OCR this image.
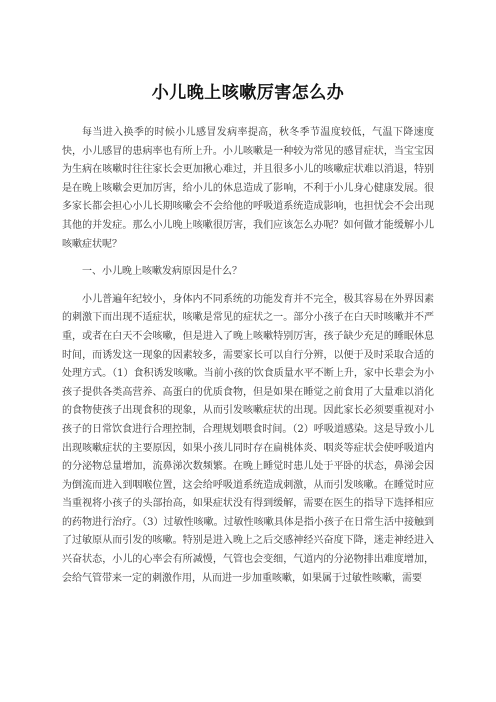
小儿晚上咳嗽厉害怎么办

每当进入换季的时候小儿感冒发病率提高，秋冬季节温度较低，气温下降速度快，小儿感冒的患病率也有所上升。小儿咳嗽是一种较为常见的感冒症状，当宝宝因为生病在咳嗽时往往家长会更加揪心难过，并且很多小儿的咳嗽症状难以消退，特别是在晚上咳嗽会更加厉害，给小儿的休息造成了影响，不利于小儿身心健康发展。很多家长都会担心小儿长期咳嗽会不会给他的呼吸道系统造成影响，也担忧会不会出现其他的并发症。那么小儿晚上咳嗽很厉害，我们应该怎么办呢？如何做才能缓解小儿咳嗽症状呢？

一、小儿晚上咳嗽发病原因是什么？

小儿普遍年纪较小，身体内不同系统的功能发育并不完全，极其容易在外界因素的刺激下而出现不适症状，咳嗽是常见的症状之一。部分小孩子在白天时咳嗽并不严重，或者在白天不会咳嗽，但是进入了晚上咳嗽特别厉害，孩子缺少充足的睡眠休息时间，而诱发这一现象的因素较多，需要家长可以自行分辨，以便于及时采取合适的处理方式。（1）食积诱发咳嗽。当前小孩的饮食质量水平不断上升，家中长辈会为小孩子提供各类高营养、高蛋白的优质食物，但是如果在睡觉之前食用了大量难以消化的食物使孩子出现食积的现象，从而引发咳嗽症状的出现。因此家长必须要重视对小孩子的日常饮食进行合理控制，合理规划喂食时间。（2）呼吸道感染。这是导致小儿出现咳嗽症状的主要原因，如果小孩儿同时存在扁桃体炎、咽炎等症状会使呼吸道内的分泌物总量增加，流鼻涕次数频繁。在晚上睡觉时患儿处于平卧的状态，鼻涕会因为倒流而进入到咽喉位置，这会给呼吸道系统造成刺激，从而引发咳嗽。在睡觉时应当重视将小孩子的头部抬高，如果症状没有得到缓解，需要在医生的指导下选择相应的药物进行治疗。（3）过敏性咳嗽。过敏性咳嗽具体是指小孩子在日常生活中接触到了过敏原从而引发的咳嗽。特别是进入晚上之后交感神经兴奋度下降，迷走神经进入兴奋状态，小儿的心率会有所减慢，气管也会变细，气道内的分泌物排出难度增加，会给气管带来一定的刺激作用，从而进一步加重咳嗽，如果属于过敏性咳嗽，需要
